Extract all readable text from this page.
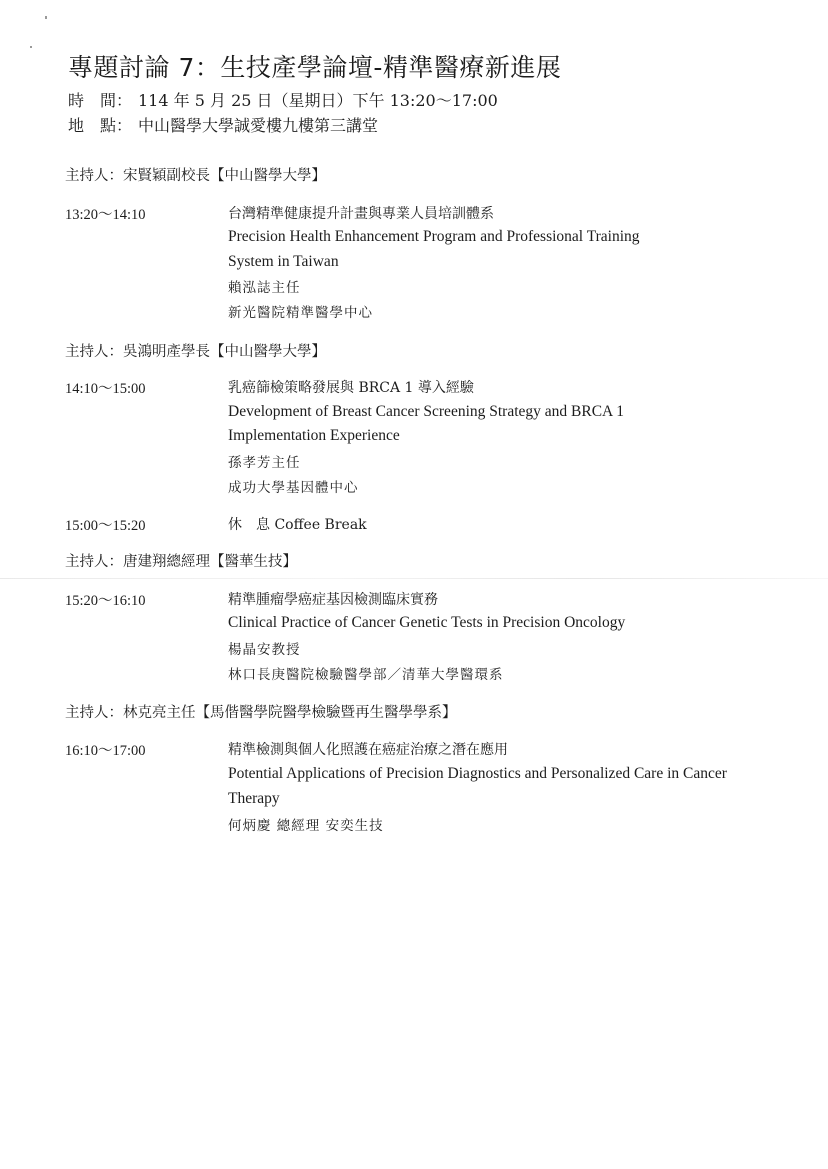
專題討論 7：生技產學論壇-精準醫療新進展
時　間： 114 年 5 月 25 日（星期日）下午 13:20～17:00
地　點： 中山醫學大學誠愛樓九樓第三講堂
主持人：宋賢穎副校長【中山醫學大學】
13:20～14:10	台灣精準健康提升計畫與專業人員培訓體系
Precision Health Enhancement Program and Professional Training
System in Taiwan
賴泓誌主任
新光醫院精準醫學中心
主持人：吳鴻明產學長【中山醫學大學】
14:10～15:00	乳癌篩檢策略發展與 BRCA 1 導入經驗
Development of Breast Cancer Screening Strategy and BRCA 1
Implementation Experience
孫孝芳主任
成功大學基因體中心
15:00～15:20	休　息 Coffee Break
主持人：唐建翔總經理【醫華生技】
15:20～16:10	精準腫瘤學癌症基因檢測臨床實務
Clinical Practice of Cancer Genetic Tests in Precision Oncology
楊晶安教授
林口長庚醫院檢驗醫學部／清華大學醫環系
主持人：林克亮主任【馬偕醫學院醫學檢驗暨再生醫學學系】
16:10～17:00	精準檢測與個人化照護在癌症治療之潛在應用
Potential Applications of Precision Diagnostics and Personalized Care in Cancer
Therapy
何炳慶 總經理 安奕生技
